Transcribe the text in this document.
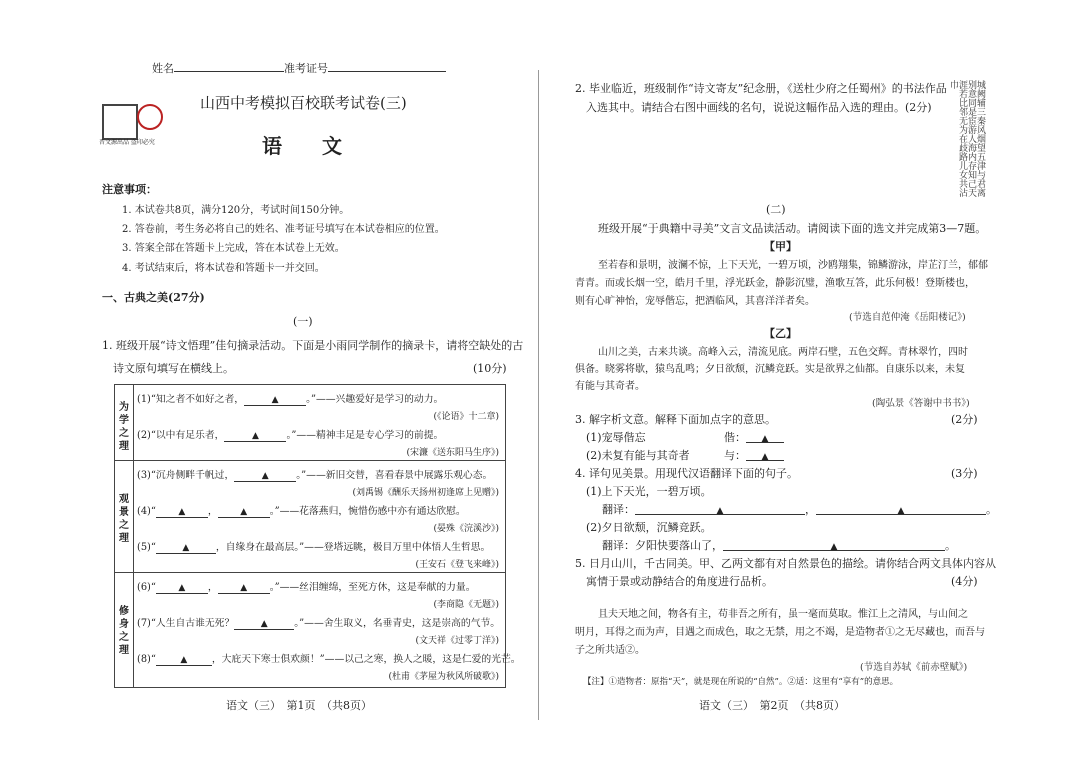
姓名	准考证号
晋文源出品 盗印必究
山西中考模拟百校联考试卷(三)
语　　文
注意事项：
1. 本试卷共8页，满分120分，考试时间150分钟。
2. 答卷前，考生务必将自己的姓名、准考证号填写在本试卷相应的位置。
3. 答案全部在答题卡上完成，答在本试卷上无效。
4. 考试结束后，将本试卷和答题卡一并交回。
一、古典之美(27分)
(一)
1. 班级开展“诗文悟理”佳句摘录活动。下面是小雨同学制作的摘录卡，请将空缺处的古
诗文原句填写在横线上。	(10分)
为学之理
(1)“知之者不如好之者，	▲	。”——兴趣爱好是学习的动力。
(《论语》十二章)
(2)“以中有足乐者，	▲	。”——精神丰足是专心学习的前提。
(宋濂《送东阳马生序》)
观景之理
(3)“沉舟侧畔千帆过，	▲	。”——新旧交替，喜看春景中展露乐观心态。
(刘禹锡《酬乐天扬州初逢席上见赠》)
(4)“	▲ ，	▲ 。”——花落燕归，惋惜伤感中亦有通达欣慰。
(晏殊《浣溪沙》)
(5)“	▲	，自缘身在最高层。”——登塔远眺，极目万里中体悟人生哲思。
(王安石《登飞来峰》)
修身之理
(6)“	▲ ，	▲ 。”——丝泪缠绵，至死方休，这是奉献的力量。
(李商隐《无题》)
(7)“人生自古谁无死？	▲	。”——舍生取义，名垂青史，这是崇高的气节。
(文天祥《过零丁洋》)
(8)“	▲	，大庇天下寒士俱欢颜！”——以己之寒，换人之暖，这是仁爱的光芒。
(杜甫《茅屋为秋风所破歌》)
语文（三）　第1页　（共8页）
2. 毕业临近，班级制作“诗文寄友”纪念册，《送杜少府之任蜀州》的书法作品
入选其中。请结合右图中画线的名句，说说这幅作品入选的理由。(2分)	城阙辅三秦风烟望五津与君离别意同是宦游人海内存知己天涯若比邻无为在歧路儿女共沾巾
(二)
班级开展“于典籍中寻美”文言文品读活动。请阅读下面的选文并完成第3—7题。
【甲】
至若春和景明，波澜不惊，上下天光，一碧万顷，沙鸥翔集，锦鳞游泳，岸芷汀兰，郁郁
青青。而或长烟一空，皓月千里，浮光跃金，静影沉璧，渔歌互答，此乐何极！登斯楼也，
则有心旷神怡，宠辱偕忘，把酒临风，其喜洋洋者矣。
(节选自范仲淹《岳阳楼记》)
【乙】
山川之美，古来共谈。高峰入云，清流见底。两岸石壁，五色交辉。青林翠竹，四时
俱备。晓雾将歇，猿鸟乱鸣；夕日欲颓，沉鳞竞跃。实是欲界之仙都。自康乐以来，未复
有能与其奇者。
(陶弘景《答谢中书书》)
3. 解字析文意。解释下面加点字的意思。	(2分)
(1)宠辱偕忘	偕： ▲
(2)未复有能与其奇者	与： ▲
4. 译句见美景。用现代汉语翻译下面的句子。	(3分)
(1)上下天光，一碧万顷。
翻译：	▲	，	▲	。
(2)夕日欲颓，沉鳞竞跃。
翻译：夕阳快要落山了，	▲	。
5. 日月山川，千古同美。甲、乙两文都有对自然景色的描绘。请你结合两文具体内容从
寓情于景或动静结合的角度进行品析。	(4分)
且夫天地之间，物各有主，苟非吾之所有，虽一毫而莫取。惟江上之清风，与山间之
明月，耳得之而为声，目遇之而成色，取之无禁，用之不竭，是造物者①之无尽藏也，而吾与
子之所共适②。
(节选自苏轼《前赤壁赋》)
【注】①造物者：原指“天”，就是现在所说的“自然”。②适：这里有“享有”的意思。
语文（三）　第2页　（共8页）
